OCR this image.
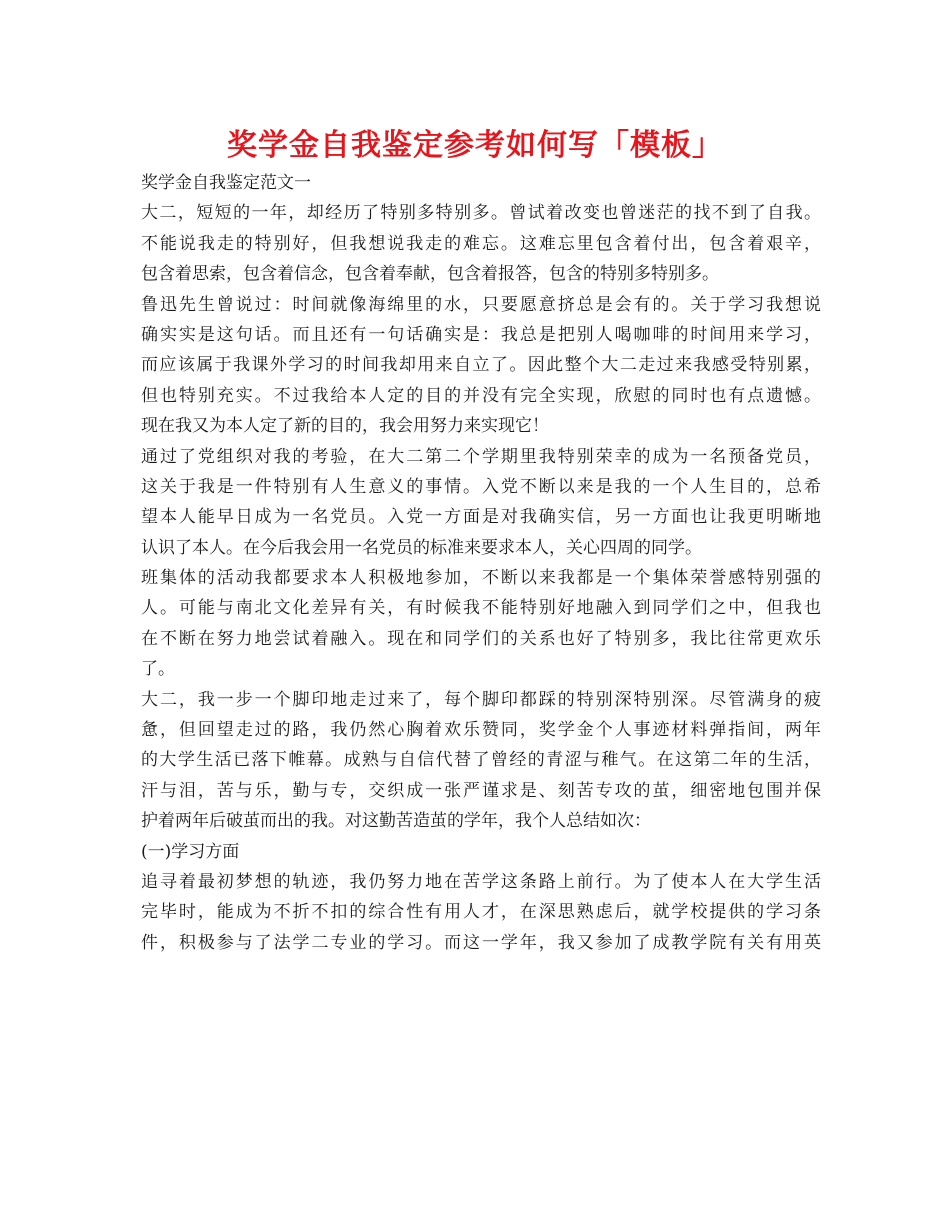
奖学金自我鉴定参考如何写「模板」
奖学金自我鉴定范文一
大二，短短的一年，却经历了特别多特别多。曾试着改变也曾迷茫的找不到了自我。
不能说我走的特别好，但我想说我走的难忘。这难忘里包含着付出，包含着艰辛，
包含着思索，包含着信念，包含着奉献，包含着报答，包含的特别多特别多。
鲁迅先生曾说过：时间就像海绵里的水，只要愿意挤总是会有的。关于学习我想说
确实实是这句话。而且还有一句话确实是：我总是把别人喝咖啡的时间用来学习，
而应该属于我课外学习的时间我却用来自立了。因此整个大二走过来我感受特别累，
但也特别充实。不过我给本人定的目的并没有完全实现，欣慰的同时也有点遗憾。
现在我又为本人定了新的目的，我会用努力来实现它！
通过了党组织对我的考验，在大二第二个学期里我特别荣幸的成为一名预备党员，
这关于我是一件特别有人生意义的事情。入党不断以来是我的一个人生目的，总希
望本人能早日成为一名党员。入党一方面是对我确实信，另一方面也让我更明晰地
认识了本人。在今后我会用一名党员的标准来要求本人，关心四周的同学。
班集体的活动我都要求本人积极地参加，不断以来我都是一个集体荣誉感特别强的
人。可能与南北文化差异有关，有时候我不能特别好地融入到同学们之中，但我也
在不断在努力地尝试着融入。现在和同学们的关系也好了特别多，我比往常更欢乐
了。
大二，我一步一个脚印地走过来了，每个脚印都踩的特别深特别深。尽管满身的疲
惫，但回望走过的路，我仍然心胸着欢乐赞同，奖学金个人事迹材料弹指间，两年
的大学生活已落下帷幕。成熟与自信代替了曾经的青涩与稚气。在这第二年的生活，
汗与泪，苦与乐，勤与专，交织成一张严谨求是、刻苦专攻的茧，细密地包围并保
护着两年后破茧而出的我。对这勤苦造茧的学年，我个人总结如次：
(一)学习方面
追寻着最初梦想的轨迹，我仍努力地在苦学这条路上前行。为了使本人在大学生活
完毕时，能成为不折不扣的综合性有用人才，在深思熟虑后，就学校提供的学习条
件，积极参与了法学二专业的学习。而这一学年，我又参加了成教学院有关有用英
